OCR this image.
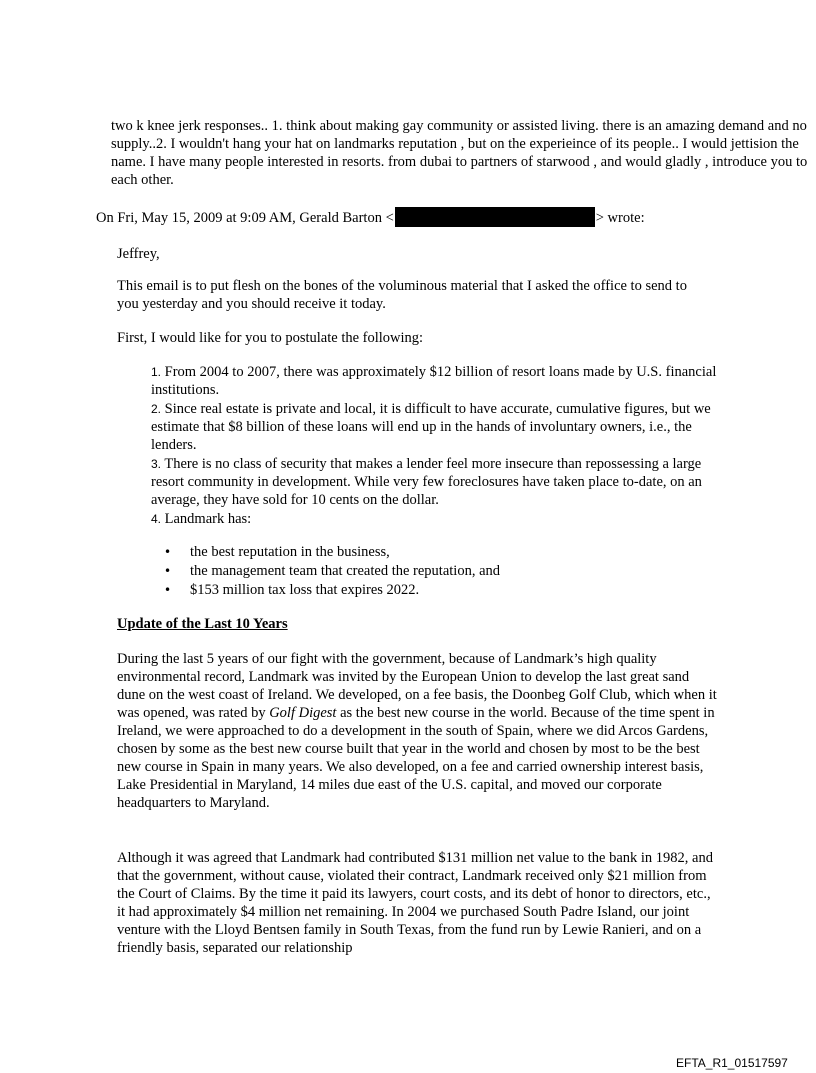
two k knee jerk responses.. 1. think about making gay community or assisted living. there is an amazing demand and no supply..2. I wouldn't hang your hat on landmarks reputation , but on the experieince of its people.. I would jettision the name. I have many people interested in resorts. from dubai to partners of starwood , and would gladly , introduce you to each other.

On Fri, May 15, 2009 at 9:09 AM, Gerald Barton <	> wrote:

Jeffrey,

This email is to put flesh on the bones of the voluminous material that I asked the office to send to you yesterday and you should receive it today.

First, I would like for you to postulate the following:

1. From 2004 to 2007, there was approximately $12 billion of resort loans made by U.S. financial institutions.

2. Since real estate is private and local, it is difficult to have accurate, cumulative figures, but we estimate that $8 billion of these loans will end up in the hands of involuntary owners, i.e., the lenders.

3. There is no class of security that makes a lender feel more insecure than repossessing a large resort community in development. While very few foreclosures have taken place to-date, on an average, they have sold for 10 cents on the dollar.

4. Landmark has:

• the best reputation in the business,
• the management team that created the reputation, and
• $153 million tax loss that expires 2022.

Update of the Last 10 Years

During the last 5 years of our fight with the government, because of Landmark’s high quality environmental record, Landmark was invited by the European Union to develop the last great sand dune on the west coast of Ireland. We developed, on a fee basis, the Doonbeg Golf Club, which when it was opened, was rated by Golf Digest as the best new course in the world. Because of the time spent in Ireland, we were approached to do a development in the south of Spain, where we did Arcos Gardens, chosen by some as the best new course built that year in the world and chosen by most to be the best new course in Spain in many years. We also developed, on a fee and carried ownership interest basis, Lake Presidential in Maryland, 14 miles due east of the U.S. capital, and moved our corporate headquarters to Maryland.

Although it was agreed that Landmark had contributed $131 million net value to the bank in 1982, and that the government, without cause, violated their contract, Landmark received only $21 million from the Court of Claims. By the time it paid its lawyers, court costs, and its debt of honor to directors, etc., it had approximately $4 million net remaining. In 2004 we purchased South Padre Island, our joint venture with the Lloyd Bentsen family in South Texas, from the fund run by Lewie Ranieri, and on a friendly basis, separated our relationship

EFTA_R1_01517597
